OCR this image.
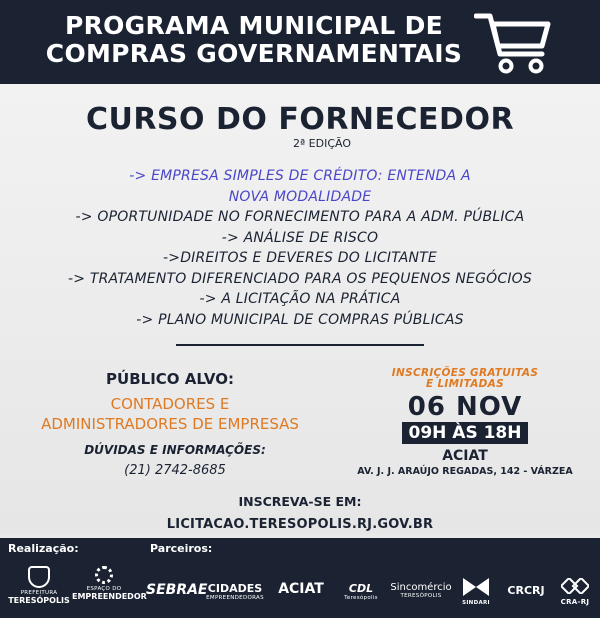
PROGRAMA MUNICIPAL DE
COMPRAS GOVERNAMENTAIS
CURSO DO FORNECEDOR
2ª EDIÇÃO
-> EMPRESA SIMPLES DE CRÉDITO: ENTENDA A
NOVA MODALIDADE
-> OPORTUNIDADE NO FORNECIMENTO PARA A ADM. PÚBLICA
-> ANÁLISE DE RISCO
->DIREITOS E DEVERES DO LICITANTE
-> TRATAMENTO DIFERENCIADO PARA OS PEQUENOS NEGÓCIOS
-> A LICITAÇÃO NA PRÁTICA
-> PLANO MUNICIPAL DE COMPRAS PÚBLICAS
PÚBLICO ALVO:
CONTADORES E
ADMINISTRADORES DE EMPRESAS
DÚVIDAS E INFORMAÇÕES:
(21) 2742-8685
INSCRIÇÕES GRATUITAS
E LIMITADAS
06 NOV
09H ÀS 18H
ACIAT
AV. J. J. ARAÚJO REGADAS, 142 - VÁRZEA
INSCREVA-SE EM:
LICITACAO.TERESOPOLIS.RJ.GOV.BR
Realização:	Parceiros:
PREFEITURA
TERESÓPOLIS
ESPAÇO DO
EMPREENDEDOR SEBRAE CIDADES
EMPREENDEDORAS
ACIAT	CDL
Teresópolis
Sincomércio
TERESÓPOLIS
SINDARI
CRCRJ
CRA-RJ
